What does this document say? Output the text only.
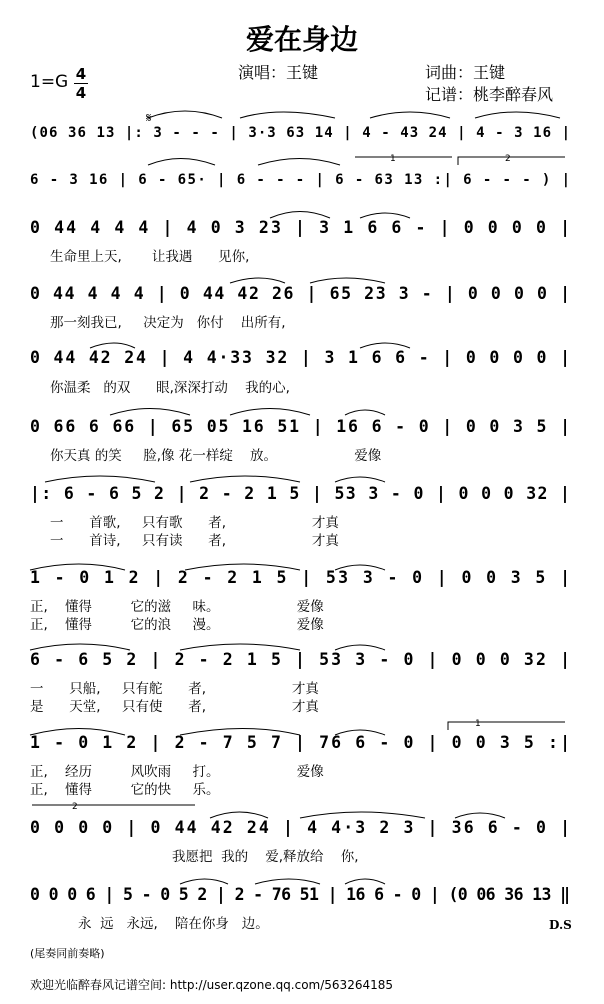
爱在身边
演唱：王键	词曲：王键
记谱：桃李醉春风
1=G 4
4
(06 36 13 |: 3 - - - | 3·3 63 14 | 4 - 43 24 | 4 - 3 16 |
6 - 3 16 | 6 - 65· | 6 - - - | 6 - 63 13 :| 6 - - - ) |
0 44 4 4 4 | 4 0 3 23 | 3 1 6 6 - | 0 0 0 0 |
0 44 4 4 4 | 0 44 42 26 | 65 23 3 - | 0 0 0 0 |
0 44 42 24 | 4 4·33 32 | 3 1 6 6 - | 0 0 0 0 |
0 66 6 66 | 65 05 16 51 | 16 6 - 0 | 0 0 3 5 |
|: 6 - 6 5 2 | 2 - 2 1 5 | 53 3 - 0 | 0 0 0 32 |
1 - 0 1 2 | 2 - 2 1 5 | 53 3 - 0 | 0 0 3 5 |
6 - 6 5 2 | 2 - 2 1 5 | 53 3 - 0 | 0 0 0 32 |
1 - 0 1 2 | 2 - 7 5 7 | 76 6 - 0 | 0 0 3 5 :|
0 0 0 0 | 0 44 42 24 | 4 4·3 2 3 | 36 6 - 0 |
0 0 0 6 | 5 - 0 5 2 | 2 - 76 51 | 16 6 - 0 | (0 06 36 13 ‖
𝄋
1	2
1
2
D.S
生命里上天,       让我遇      见你,
那一刻我已,     决定为   你付    出所有,
你温柔   的双      眼,深深打动    我的心,
你天真 的笑     脸,像 花一样绽    放。                  爱像
一      首歌,     只有歌      者,                    才真
一      首诗,     只有读      者,                    才真
正,    懂得         它的滋     味。                  爱像
正,    懂得         它的浪     漫。                  爱像
一      只船,     只有舵      者,                    才真
是      天堂,     只有使      者,                    才真
正,    经历         风吹雨     打。                  爱像
正,    懂得         它的快     乐。
我愿把  我的    爱,释放给    你,
永  远   永远,    陪在你身   边。
(尾奏同前奏略)
欢迎光临醉春风记谱空间: http://user.qzone.qq.com/563264185
